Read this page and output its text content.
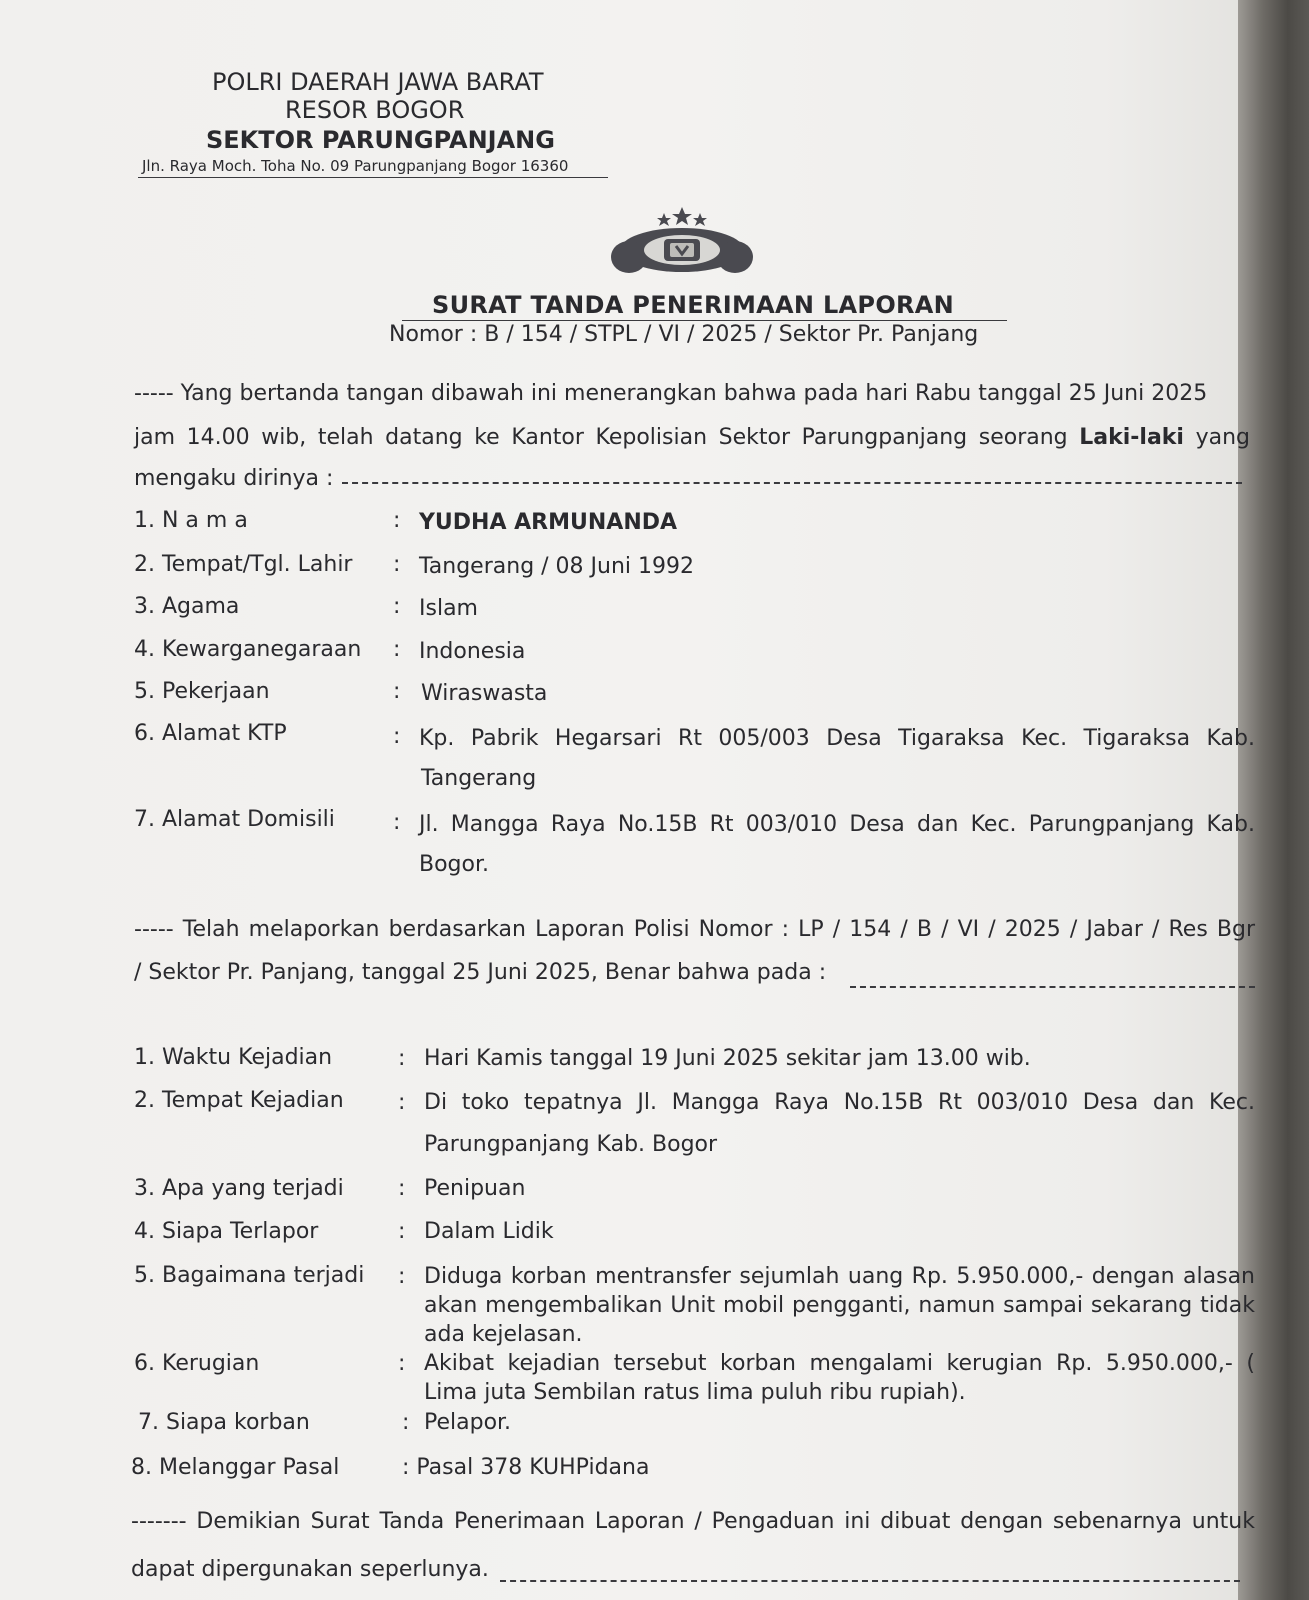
POLRI DAERAH JAWA BARAT
RESOR BOGOR
SEKTOR PARUNGPANJANG
Jln. Raya Moch. Toha No. 09 Parungpanjang Bogor 16360
SURAT TANDA PENERIMAAN LAPORAN
Nomor : B / 154 / STPL / VI / 2025 / Sektor Pr. Panjang
----- Yang bertanda tangan dibawah ini menerangkan bahwa pada hari Rabu tanggal 25 Juni 2025
jam 14.00 wib, telah datang ke Kantor Kepolisian Sektor Parungpanjang seorang Laki-laki yang
mengaku dirinya :
1. N a m a	: YUDHA ARMUNANDA
2. Tempat/Tgl. Lahir : Tangerang / 08 Juni 1992
3. Agama	: Islam
4. Kewarganegaraan : Indonesia
5. Pekerjaan	: Wiraswasta
6. Alamat KTP	: Kp. Pabrik Hegarsari Rt 005/003 Desa Tigaraksa Kec. Tigaraksa Kab.
Tangerang
7. Alamat Domisili	: Jl. Mangga Raya No.15B Rt 003/010 Desa dan Kec. Parungpanjang Kab.
Bogor.
----- Telah melaporkan berdasarkan Laporan Polisi Nomor : LP / 154 / B / VI / 2025 / Jabar / Res Bgr
/ Sektor Pr. Panjang, tanggal 25 Juni 2025, Benar bahwa pada :
1. Waktu Kejadian	: Hari Kamis tanggal 19 Juni 2025 sekitar jam 13.00 wib.
2. Tempat Kejadian : Di toko tepatnya Jl. Mangga Raya No.15B Rt 003/010 Desa dan Kec.
Parungpanjang Kab. Bogor
3. Apa yang terjadi : Penipuan
4. Siapa Terlapor	: Dalam Lidik
5. Bagaimana terjadi : Diduga korban mentransfer sejumlah uang Rp. 5.950.000,- dengan alasan
akan mengembalikan Unit mobil pengganti, namun sampai sekarang tidak
ada kejelasan.
6. Kerugian	: Akibat kejadian tersebut korban mengalami kerugian Rp. 5.950.000,- (
Lima juta Sembilan ratus lima puluh ribu rupiah).
7. Siapa korban	: Pelapor.
8. Melanggar Pasal	: Pasal 378 KUHPidana
------- Demikian Surat Tanda Penerimaan Laporan / Pengaduan ini dibuat dengan sebenarnya untuk
dapat dipergunakan seperlunya.
